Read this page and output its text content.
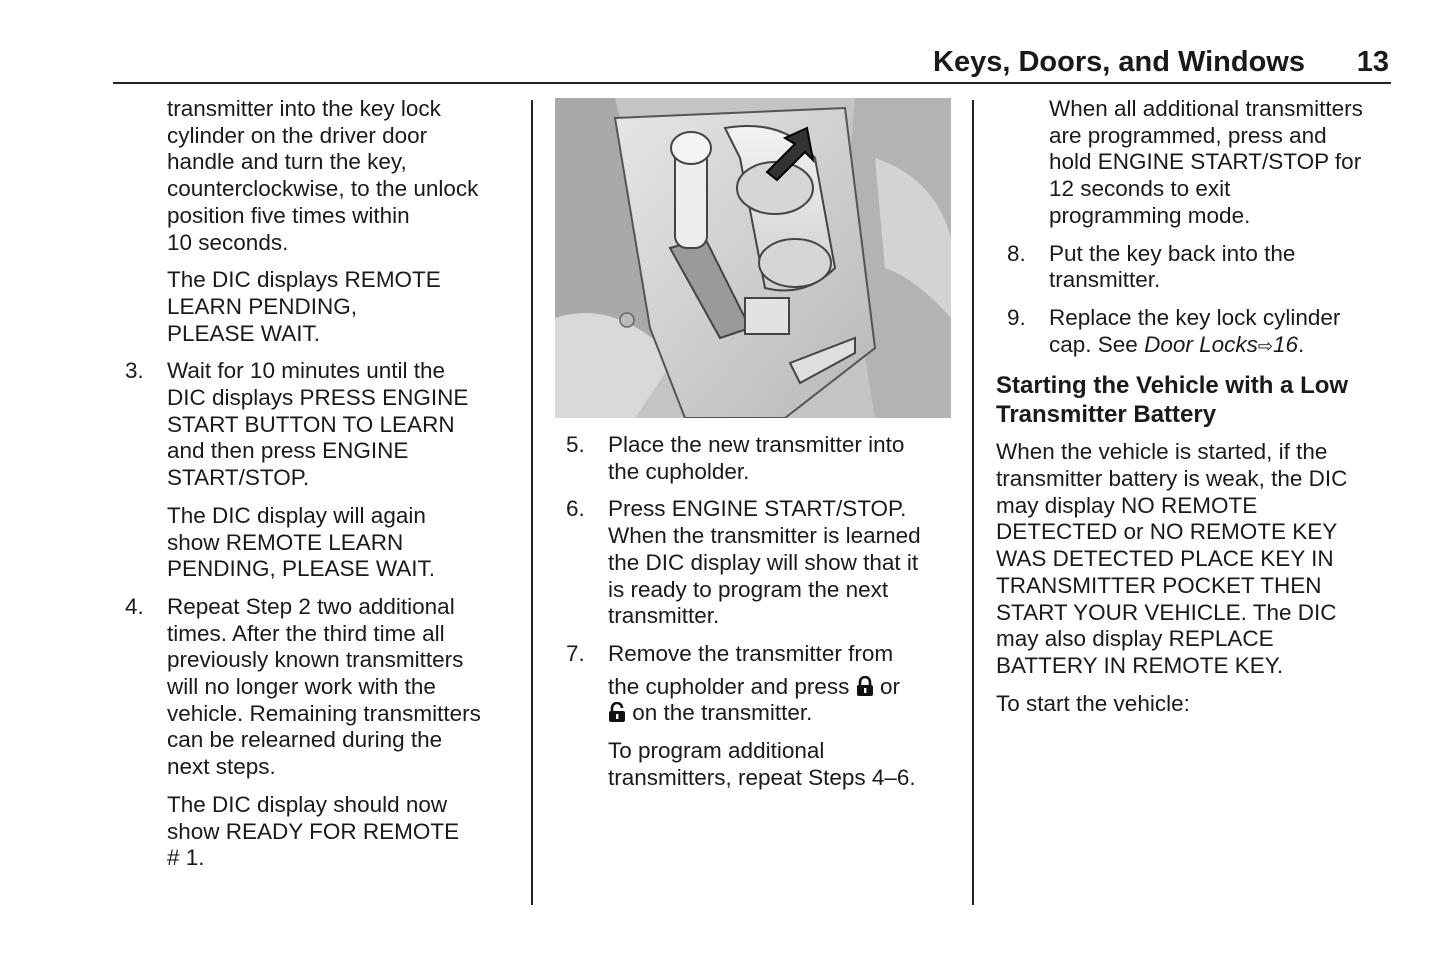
Keys, Doors, and Windows 13

transmitter into the key lock
cylinder on the driver door
handle and turn the key,
counterclockwise, to the unlock
position five times within
10 seconds.

The DIC displays REMOTE
LEARN PENDING,
PLEASE WAIT.

3. Wait for 10 minutes until the
DIC displays PRESS ENGINE
START BUTTON TO LEARN
and then press ENGINE
START/STOP.

The DIC display will again
show REMOTE LEARN
PENDING, PLEASE WAIT.

4. Repeat Step 2 two additional
times. After the third time all
previously known transmitters
will no longer work with the
vehicle. Remaining transmitters
can be relearned during the
next steps.

The DIC display should now
show READY FOR REMOTE
# 1.

5. Place the new transmitter into
the cupholder.

6. Press ENGINE START/STOP.
When the transmitter is learned
the DIC display will show that it
is ready to program the next
transmitter.

7. Remove the transmitter from
the cupholder and press or
on the transmitter.

To program additional
transmitters, repeat Steps 4–6.

When all additional transmitters
are programmed, press and
hold ENGINE START/STOP for
12 seconds to exit
programming mode.

8. Put the key back into the
transmitter.

9. Replace the key lock cylinder
cap. See Door Locks⇨16.

Starting the Vehicle with a Low
Transmitter Battery

When the vehicle is started, if the
transmitter battery is weak, the DIC
may display NO REMOTE
DETECTED or NO REMOTE KEY
WAS DETECTED PLACE KEY IN
TRANSMITTER POCKET THEN
START YOUR VEHICLE. The DIC
may also display REPLACE
BATTERY IN REMOTE KEY.

To start the vehicle:
